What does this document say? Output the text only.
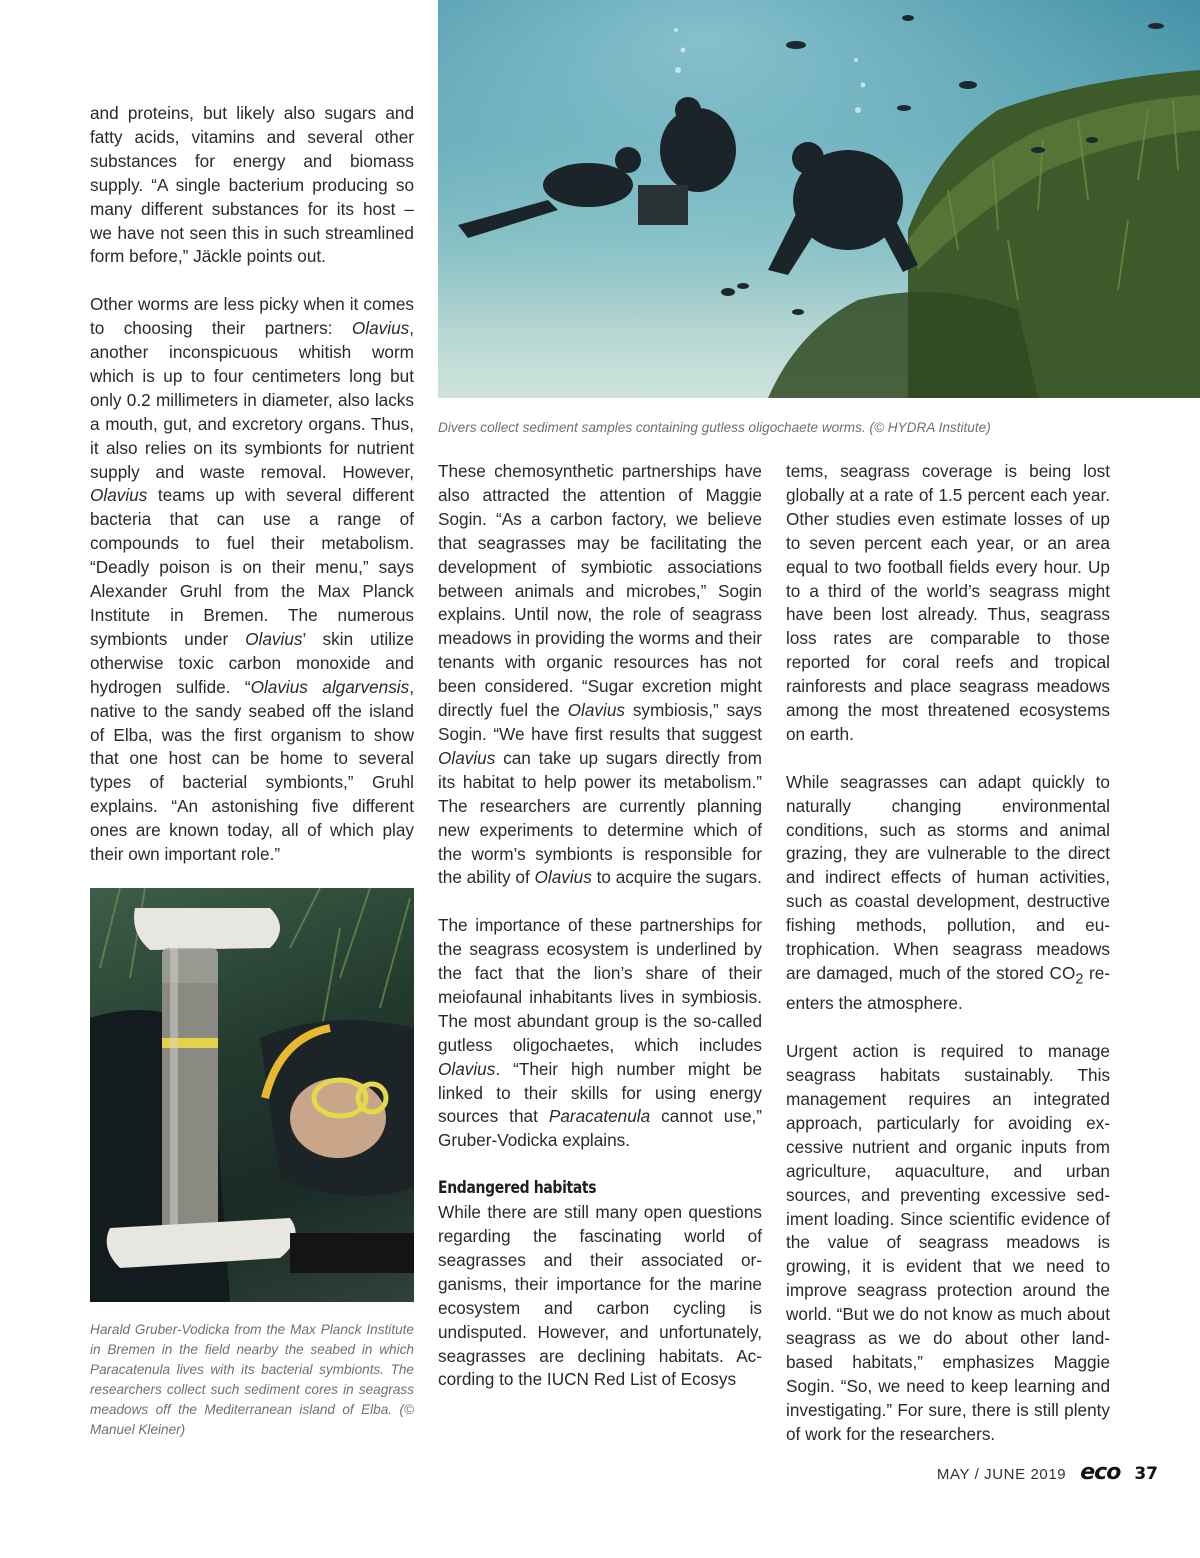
and proteins, but likely also sugars and fatty acids, vitamins and several other substances for energy and biomass supply. “A single bacterium producing so many different substances for its host – we have not seen this in such streamlined form before,” Jäckle points out.

Other worms are less picky when it comes to choosing their partners: Olavius, another inconspicuous whitish worm which is up to four centimeters long but only 0.2 millimeters in diameter, also lacks a mouth, gut, and excretory organs. Thus, it also relies on its symbionts for nutrient supply and waste removal. However, Olavius teams up with several different bacteria that can use a range of compounds to fuel their metabolism. “Deadly poison is on their menu,” says Alexander Gruhl from the Max Planck Institute in Bremen. The numerous symbionts under Olavius’ skin utilize otherwise toxic carbon monoxide and hydrogen sulfide. “Olavius algarvensis, native to the sandy seabed off the island of Elba, was the first organism to show that one host can be home to several types of bacterial symbionts,” Gruhl explains. “An astonishing five different ones are known today, all of which play their own important role.”

Divers collect sediment samples containing gutless oligochaete worms. (© HYDRA Institute)
Harald Gruber-Vodicka from the Max Planck Institute in Bremen in the field nearby the seabed in which Paracatenula lives with its bacterial symbionts. The researchers collect such sediment cores in seagrass meadows off the Mediterranean island of Elba. (© Manuel Kleiner)

These chemosynthetic partnerships have also attracted the attention of Maggie Sogin. “As a carbon factory, we believe that seagrasses may be facilitating the development of symbiotic associations between animals and microbes,” Sogin explains. Until now, the role of seagrass meadows in providing the worms and their tenants with organic resources has not been considered. “Sugar excretion might directly fuel the Olavius symbiosis,” says Sogin. “We have first results that suggest Olavius can take up sugars directly from its habitat to help power its metabolism.” The researchers are currently planning new experiments to determine which of the worm’s symbionts is responsible for the ability of Olavius to acquire the sugars.

The importance of these partnerships for the seagrass ecosystem is underlined by the fact that the lion’s share of their meiofaunal inhabitants lives in symbiosis. The most abundant group is the so-called gutless oligochaetes, which includes Olavius. “Their high number might be linked to their skills for using energy sources that Paracatenula cannot use,” Gruber-Vodicka explains.

Endangered habitats

While there are still many open questions regarding the fascinating world of seagrasses and their associated organisms, their importance for the marine ecosystem and carbon cycling is undisputed. However, and unfortunately, seagrasses are declining habitats. According to the IUCN Red List of Ecosys

tems, seagrass coverage is being lost globally at a rate of 1.5 percent each year. Other studies even estimate losses of up to seven percent each year, or an area equal to two football fields every hour. Up to a third of the world’s seagrass might have been lost already. Thus, seagrass loss rates are comparable to those reported for coral reefs and tropical rainforests and place seagrass meadows among the most threatened ecosystems on earth.

While seagrasses can adapt quickly to naturally changing environmental conditions, such as storms and animal grazing, they are vulnerable to the direct and indirect effects of human activities, such as coastal development, destructive fishing methods, pollution, and eutrophication. When seagrass meadows are damaged, much of the stored $CO_2$ re-enters the atmosphere.

Urgent action is required to manage seagrass habitats sustainably. This management requires an integrated approach, particularly for avoiding excessive nutrient and organic inputs from agriculture, aquaculture, and urban sources, and preventing excessive sediment loading. Since scientific evidence of the value of seagrass meadows is growing, it is evident that we need to improve seagrass protection around the world. “But we do not know as much about seagrass as we do about other land-based habitats,” emphasizes Maggie Sogin. “So, we need to keep learning and investigating.” For sure, there is still plenty of work for the researchers.

MAY / JUNE 2019 eco 37
